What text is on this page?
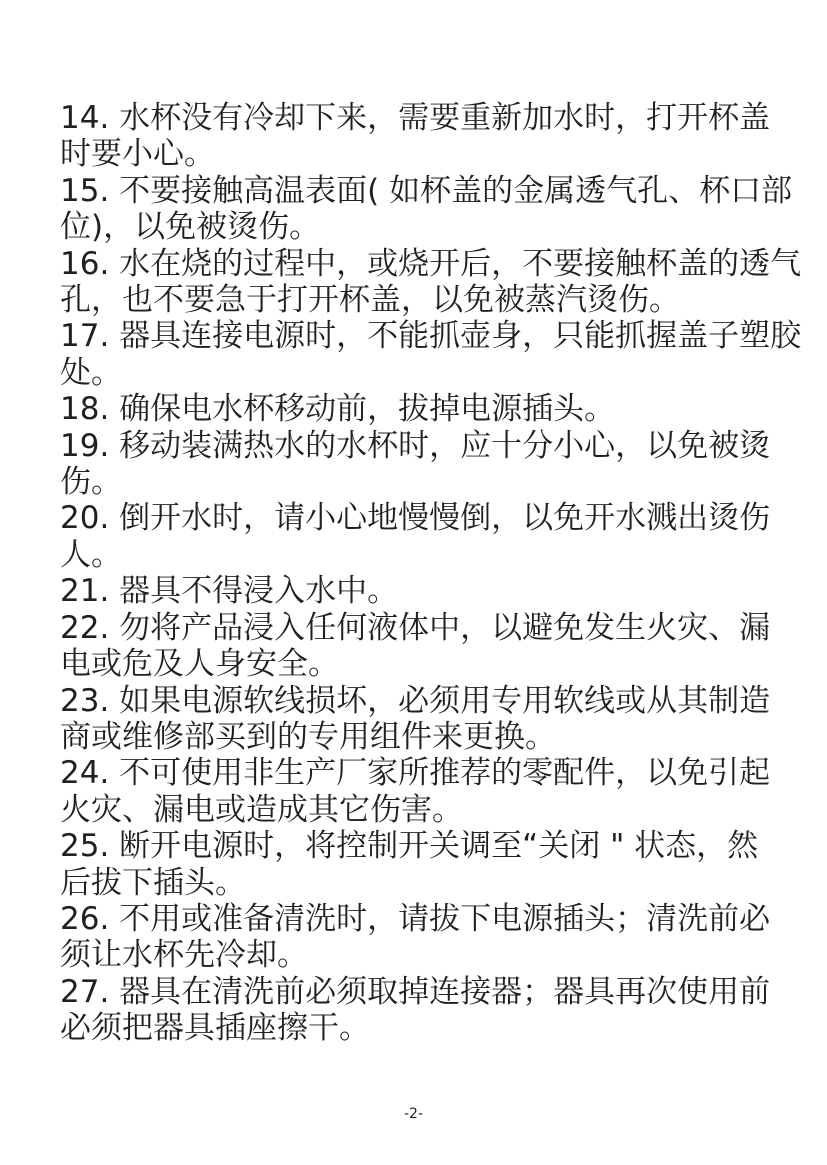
14. 水杯没有冷却下来，需要重新加水时，打开杯盖
时要小心。

15. 不要接触高温表面( 如杯盖的金属透气孔、杯口部
位)，以免被烫伤。

16. 水在烧的过程中，或烧开后，不要接触杯盖的透气
孔，也不要急于打开杯盖，以免被蒸汽烫伤。

17. 器具连接电源时，不能抓壶身，只能抓握盖子塑胶
处。

18. 确保电水杯移动前，拔掉电源插头。

19. 移动装满热水的水杯时，应十分小心，以免被烫
伤。

20. 倒开水时，请小心地慢慢倒，以免开水溅出烫伤
人。

21. 器具不得浸入水中。

22. 勿将产品浸入任何液体中，以避免发生火灾、漏
电或危及人身安全。

23. 如果电源软线损坏，必须用专用软线或从其制造
商或维修部买到的专用组件来更换。

24. 不可使用非生产厂家所推荐的零配件，以免引起
火灾、漏电或造成其它伤害。

25. 断开电源时，将控制开关调至“关闭 " 状态，然
后拔下插头。

26. 不用或准备清洗时，请拔下电源插头；清洗前必
须让水杯先冷却。

27. 器具在清洗前必须取掉连接器；器具再次使用前
必须把器具插座擦干。

-2-
